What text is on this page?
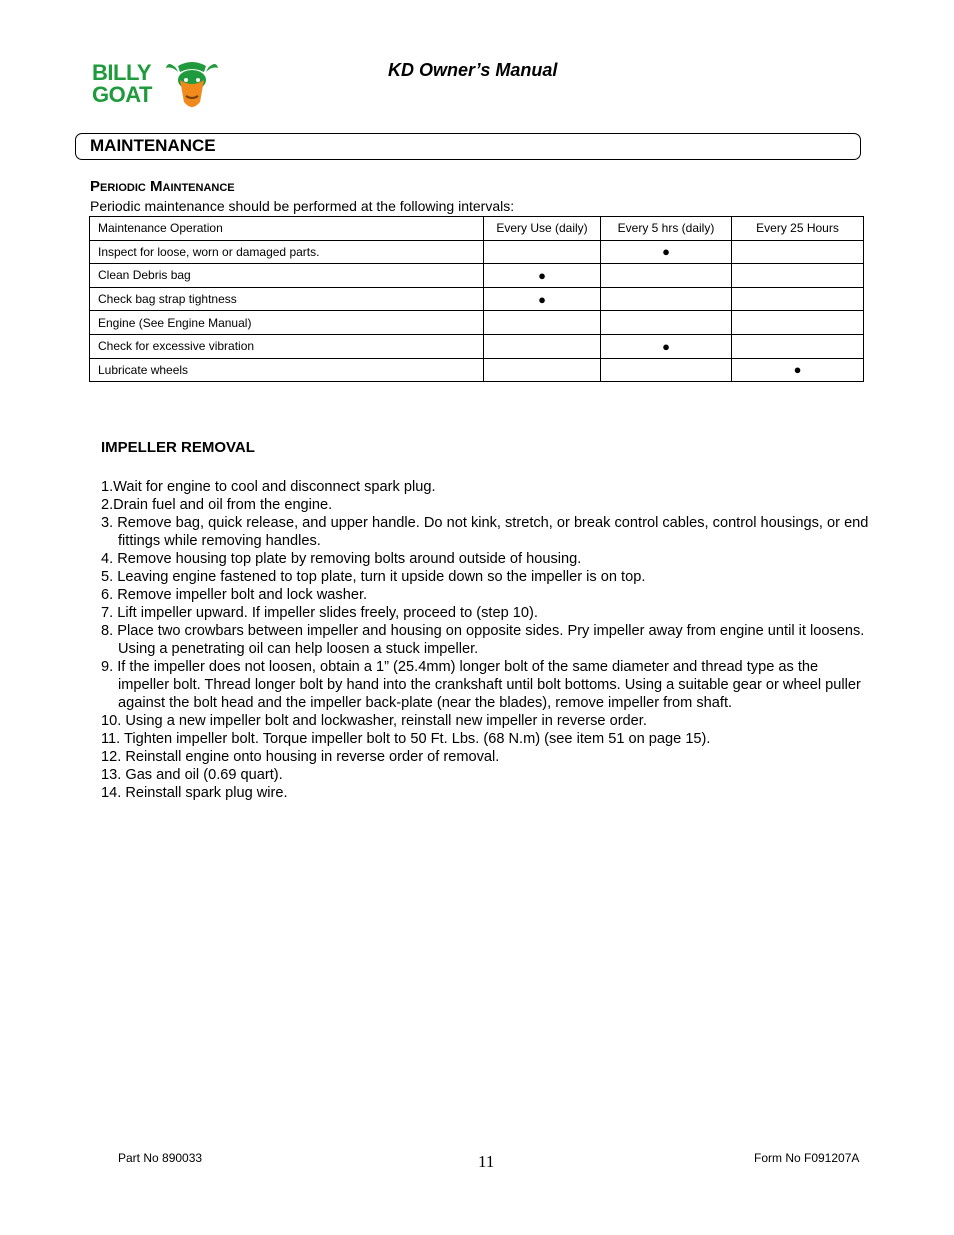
BILLY
GOAT
KD Owner’s Manual
MAINTENANCE
Periodic Maintenance
Periodic maintenance should be performed at the following intervals:
Maintenance Operation	Every Use (daily)	Every 5 hrs (daily)	Every 25 Hours
Inspect for loose, worn or damaged parts.		●	
Clean Debris bag	●		
Check bag strap tightness	●		
Engine (See Engine Manual)			
Check for excessive vibration		●	
Lubricate wheels			●
IMPELLER REMOVAL
1.Wait for engine to cool and disconnect spark plug.
2.Drain fuel and oil from the engine.
3. Remove bag, quick release, and upper handle. Do not kink, stretch, or break control cables, control housings, or end fittings while removing handles.
4. Remove housing top plate by removing bolts around outside of housing.
5. Leaving engine fastened to top plate, turn it upside down so the impeller is on top.
6. Remove impeller bolt and lock washer.
7. Lift impeller upward. If impeller slides freely, proceed to (step 10).
8. Place two crowbars between impeller and housing on opposite sides. Pry impeller away from engine until it loosens. Using a penetrating oil can help loosen a stuck impeller.
9. If the impeller does not loosen, obtain a 1” (25.4mm) longer bolt of the same diameter and thread type as the impeller bolt. Thread longer bolt by hand into the crankshaft until bolt bottoms. Using a suitable gear or wheel puller against the bolt head and the impeller back-plate (near the blades), remove impeller from shaft.
10. Using a new impeller bolt and lockwasher, reinstall new impeller in reverse order.
11. Tighten impeller bolt. Torque impeller bolt to 50 Ft. Lbs. (68 N.m) (see item 51 on page 15).
12. Reinstall engine onto housing in reverse order of removal.
13. Gas and oil (0.69 quart).
14. Reinstall spark plug wire.
Part No 890033	11	Form No F091207A
